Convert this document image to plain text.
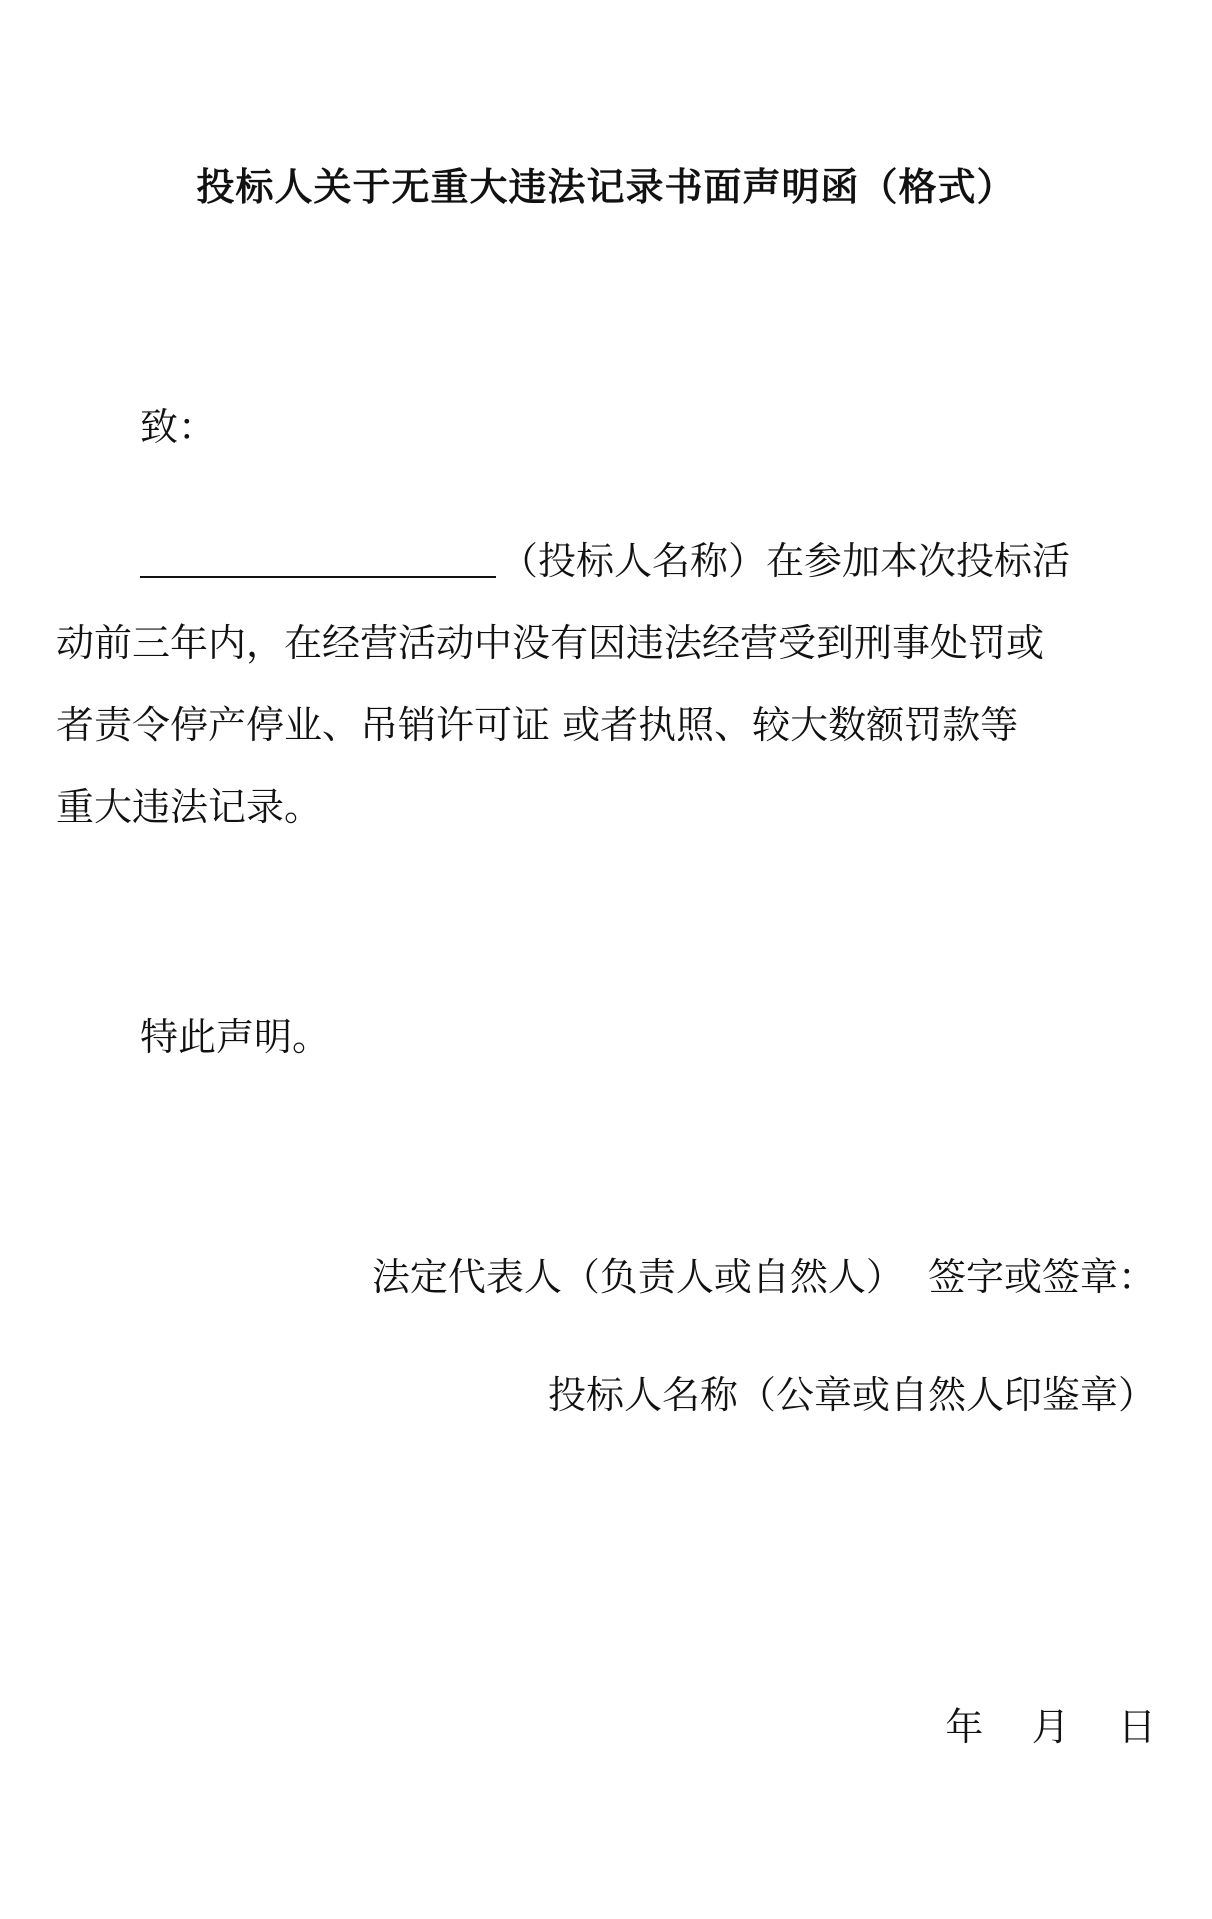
投标人关于无重大违法记录书面声明函（格式）
致：
（投标人名称）在参加本次投标活
动前三年内，在经营活动中没有因违法经营受到刑事处罚或
者责令停产停业、吊销许可证 或者执照、较大数额罚款等
重大违法记录。
特此声明。
法定代表人（负责人或自然人）  签字或签章：
投标人名称（公章或自然人印鉴章）
年    月    日
